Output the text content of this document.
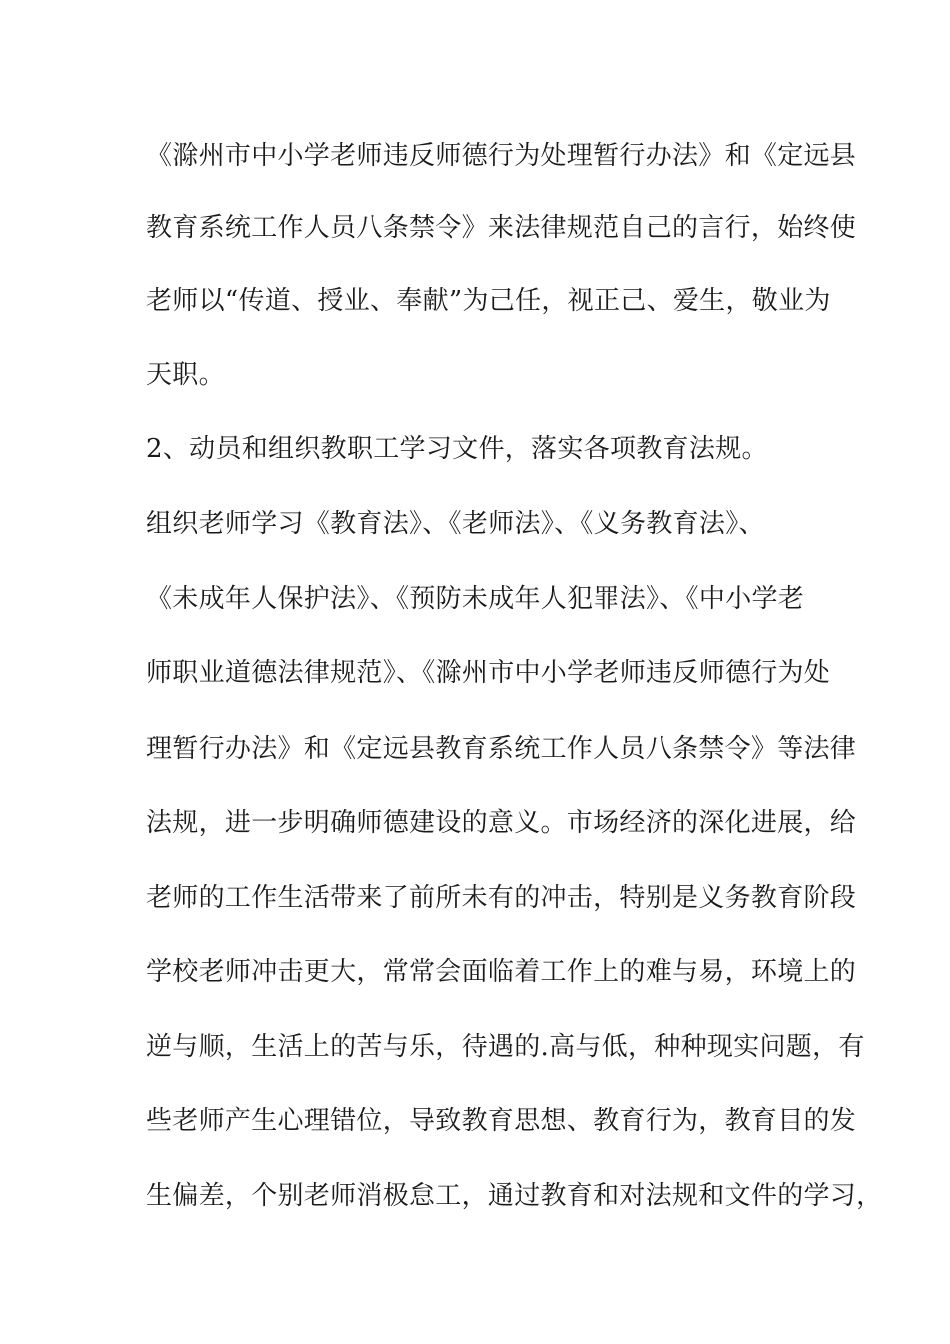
《滁州市中小学老师违反师德行为处理暂行办法》和《定远县
教育系统工作人员八条禁令》来法律规范自己的言行，始终使
老师以“传道、授业、奉献”为己任，视正己、爱生，敬业为
天职。
2、动员和组织教职工学习文件，落实各项教育法规。
组织老师学习《教育法》、《老师法》、《义务教育法》、
《未成年人保护法》、《预防未成年人犯罪法》、《中小学老
师职业道德法律规范》、《滁州市中小学老师违反师德行为处
理暂行办法》和《定远县教育系统工作人员八条禁令》等法律
法规，进一步明确师德建设的意义。市场经济的深化进展，给
老师的工作生活带来了前所未有的冲击，特别是义务教育阶段
学校老师冲击更大，常常会面临着工作上的难与易，环境上的
逆与顺，生活上的苦与乐，待遇的.高与低，种种现实问题，有
些老师产生心理错位，导致教育思想、教育行为，教育目的发
生偏差，个别老师消极怠工，通过教育和对法规和文件的学习，
